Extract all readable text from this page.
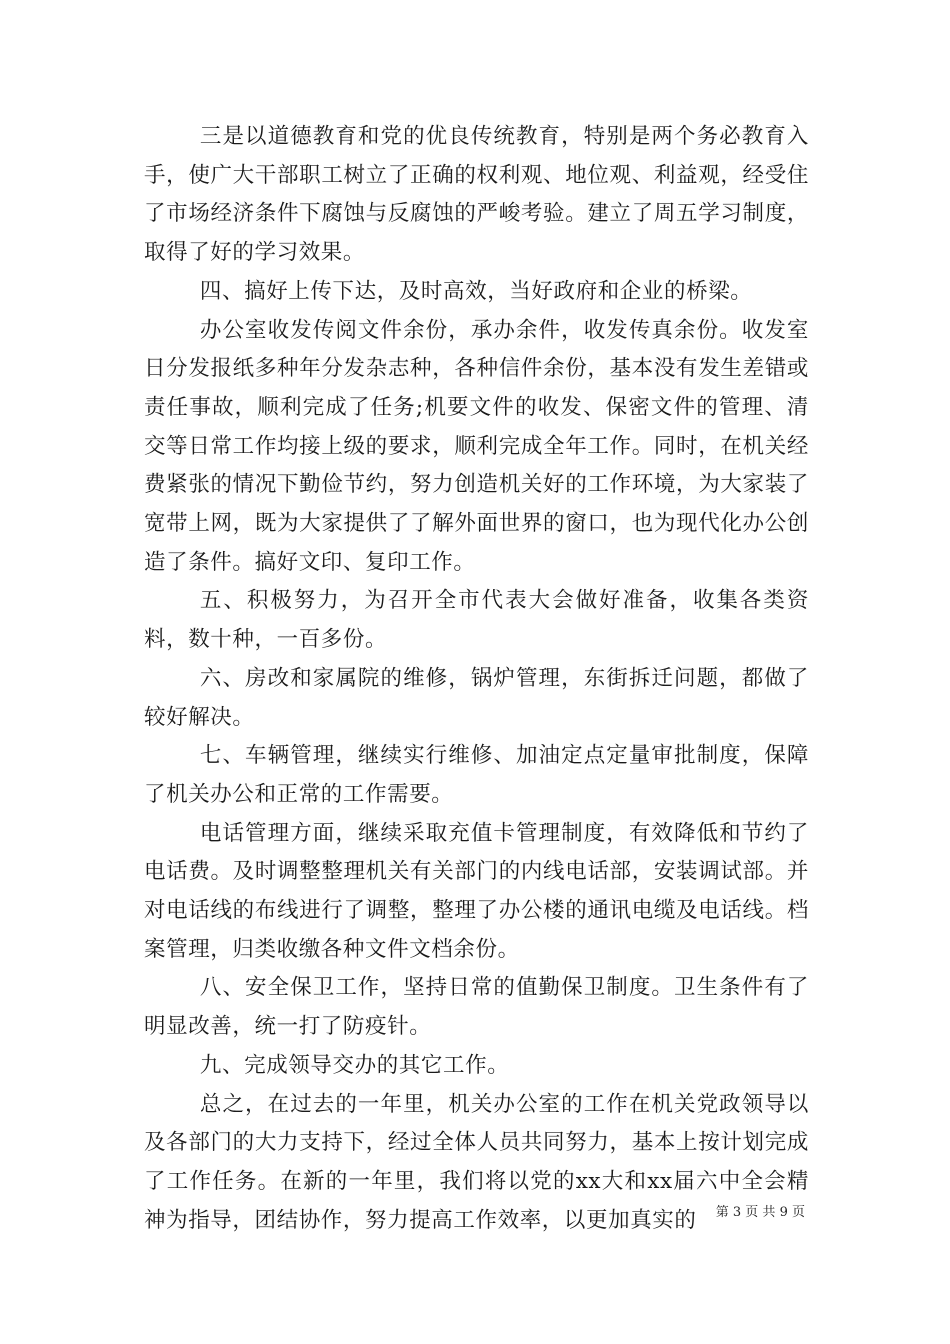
三是以道德教育和党的优良传统教育，特别是两个务必教育入手，使广大干部职工树立了正确的权利观、地位观、利益观，经受住了市场经济条件下腐蚀与反腐蚀的严峻考验。建立了周五学习制度，取得了好的学习效果。

四、搞好上传下达，及时高效，当好政府和企业的桥梁。

办公室收发传阅文件余份，承办余件，收发传真余份。收发室日分发报纸多种年分发杂志种，各种信件余份，基本没有发生差错或责任事故，顺利完成了任务;机要文件的收发、保密文件的管理、清交等日常工作均接上级的要求，顺利完成全年工作。同时，在机关经费紧张的情况下勤俭节约，努力创造机关好的工作环境，为大家装了宽带上网，既为大家提供了了解外面世界的窗口，也为现代化办公创造了条件。搞好文印、复印工作。

五、积极努力，为召开全市代表大会做好准备，收集各类资料，数十种，一百多份。

六、房改和家属院的维修，锅炉管理，东街拆迁问题，都做了较好解决。

七、车辆管理，继续实行维修、加油定点定量审批制度，保障了机关办公和正常的工作需要。

电话管理方面，继续采取充值卡管理制度，有效降低和节约了电话费。及时调整整理机关有关部门的内线电话部，安装调试部。并对电话线的布线进行了调整，整理了办公楼的通讯电缆及电话线。档案管理，归类收缴各种文件文档余份。

八、安全保卫工作，坚持日常的值勤保卫制度。卫生条件有了明显改善，统一打了防疫针。

九、完成领导交办的其它工作。

总之，在过去的一年里，机关办公室的工作在机关党政领导以及各部门的大力支持下，经过全体人员共同努力，基本上按计划完成了工作任务。在新的一年里，我们将以党的xx大和xx届六中全会精神为指导，团结协作，努力提高工作效率，以更加真实的	第 3 页 共 9 页
